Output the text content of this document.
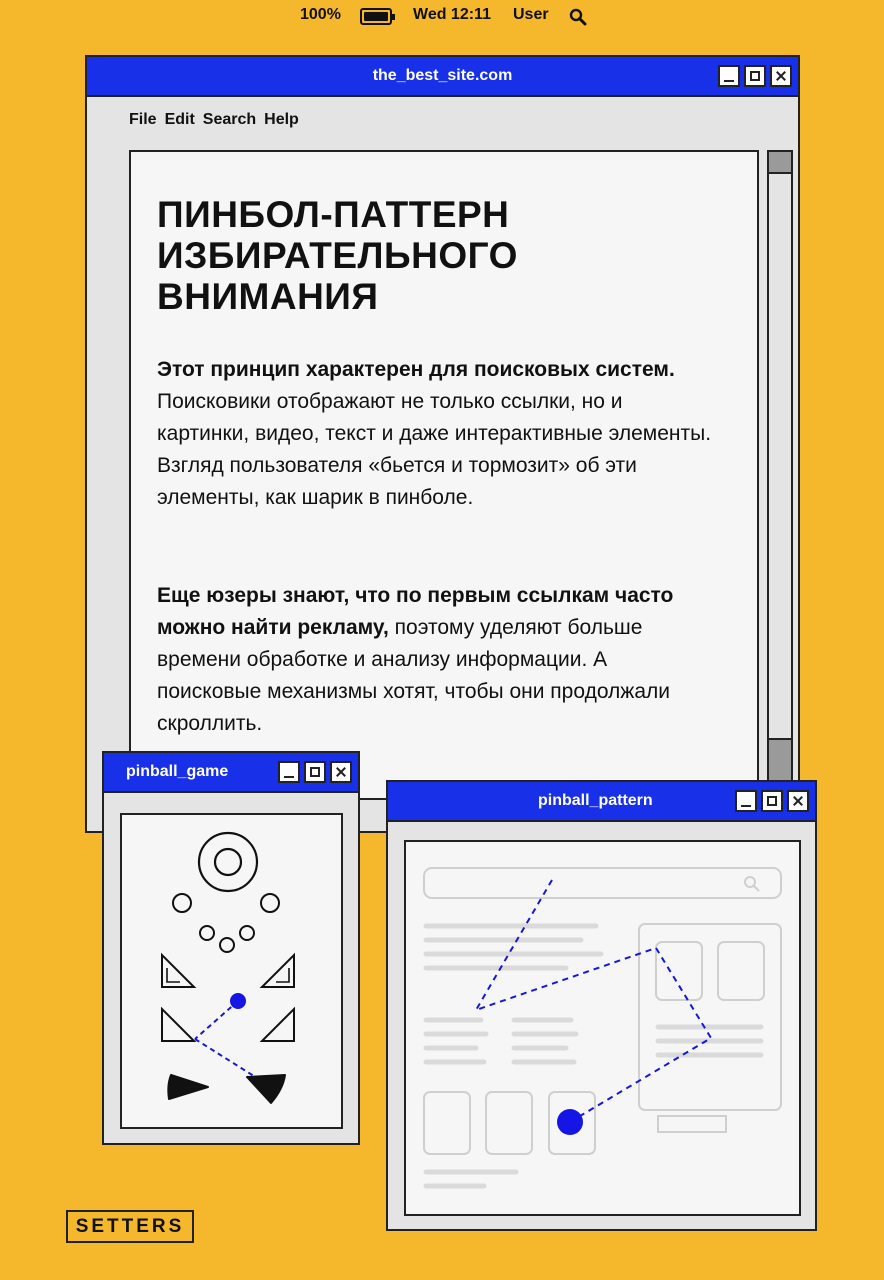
100%	Wed 12:11 User
the_best_site.com
File Edit Search Help
ПИНБОЛ-ПАТТЕРН
ИЗБИРАТЕЛЬНОГО
ВНИМАНИЯ

Этот принцип характерен для поисковых систем. Поисковики отображают не только ссылки, но и картинки, видео, текст и даже интерактивные элементы. Взгляд пользователя «бьется и тормозит» об эти элементы, как шарик в пинболе.

Еще юзеры знают, что по первым ссылкам часто можно найти рекламу, поэтому уделяют больше времени обработке и анализу информации. А поисковые механизмы хотят, чтобы они продолжали скроллить.

pinball_game
pinball_pattern
SETTERS
